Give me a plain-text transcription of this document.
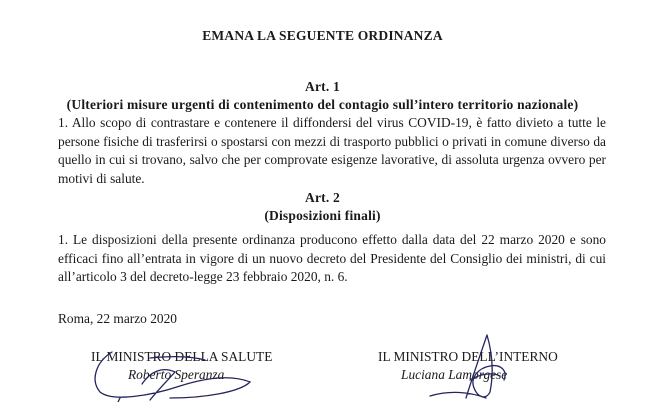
EMANA LA SEGUENTE ORDINANZA
Art. 1
(Ulteriori misure urgenti di contenimento del contagio sull’intero territorio nazionale)
1. Allo scopo di contrastare e contenere il diffondersi del virus COVID-19, è fatto divieto a tutte le
persone fisiche di trasferirsi o spostarsi con mezzi di trasporto pubblici o privati in comune diverso da
quello in cui si trovano, salvo che per comprovate esigenze lavorative, di assoluta urgenza ovvero per
motivi di salute.
Art. 2
(Disposizioni finali)
1. Le disposizioni della presente ordinanza producono effetto dalla data del 22 marzo 2020 e sono
efficaci fino all’entrata in vigore di un nuovo decreto del Presidente del Consiglio dei ministri, di cui
all’articolo 3 del decreto-legge 23 febbraio 2020, n. 6.
Roma, 22 marzo 2020
IL MINISTRO DELLA SALUTE
Roberto Speranza
IL MINISTRO DELL’INTERNO
Luciana Lamorgese
